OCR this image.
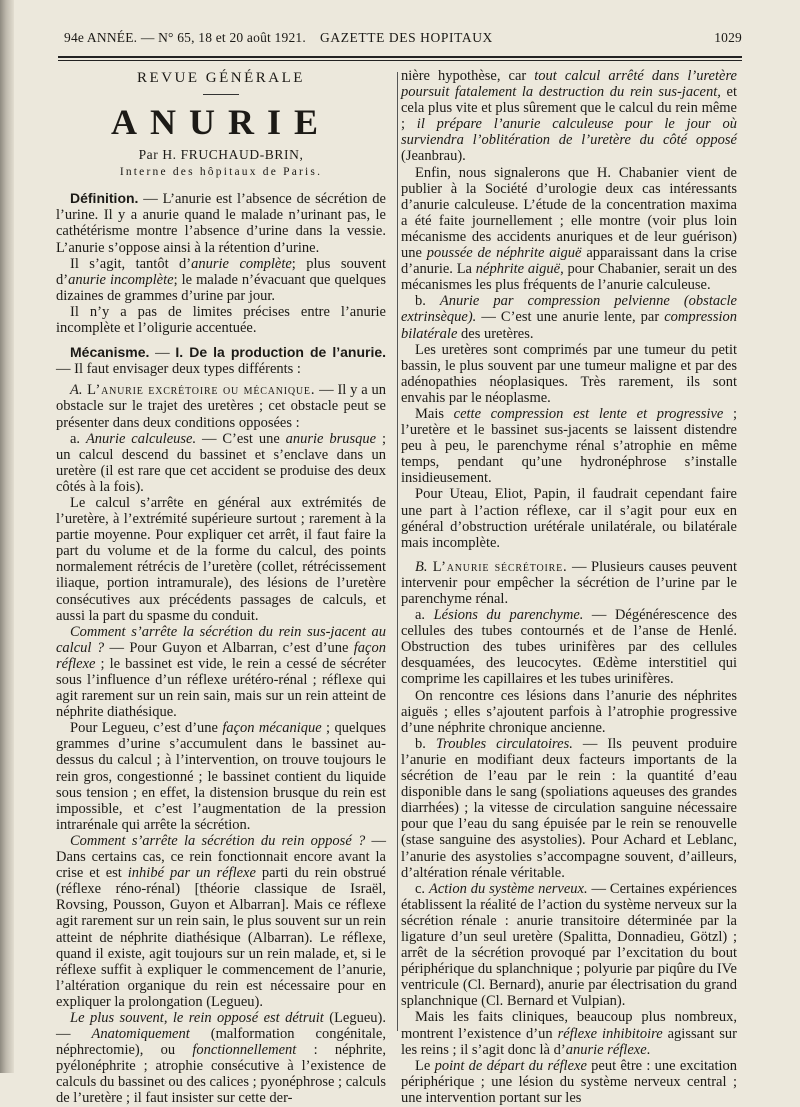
94e ANNÉE. — N° 65, 18 et 20 août 1921. GAZETTE DES HOPITAUX	1029
REVUE GÉNÉRALE
ANURIE
Par H. FRUCHAUD-BRIN,
Interne des hôpitaux de Paris.

Définition. — L’anurie est l’absence de sécrétion de l’urine. Il y a anurie quand le malade n’urinant pas, le cathétérisme montre l’absence d’urine dans la vessie. L’anurie s’oppose ainsi à la rétention d’urine.

Il s’agit, tantôt d’anurie complète; plus souvent d’anurie incomplète; le malade n’évacuant que quelques dizaines de grammes d’urine par jour.

Il n’y a pas de limites précises entre l’anurie incomplète et l’oligurie accentuée.

Mécanisme. — I. De la production de l’anurie. — Il faut envisager deux types différents :

A. L’anurie excrétoire ou mécanique. — Il y a un obstacle sur le trajet des uretères ; cet obstacle peut se présenter dans deux conditions opposées :

a. Anurie calculeuse. — C’est une anurie brusque ; un calcul descend du bassinet et s’enclave dans un uretère (il est rare que cet accident se produise des deux côtés à la fois).

Le calcul s’arrête en général aux extrémités de l’uretère, à l’extrémité supérieure surtout ; rarement à la partie moyenne. Pour expliquer cet arrêt, il faut faire la part du volume et de la forme du calcul, des points normalement rétrécis de l’uretère (collet, rétrécissement iliaque, portion intramurale), des lésions de l’uretère consécutives aux précédents passages de calculs, et aussi la part du spasme du conduit.

Comment s’arrête la sécrétion du rein sus-jacent au calcul ? — Pour Guyon et Albarran, c’est d’une façon réflexe ; le bassinet est vide, le rein a cessé de sécréter sous l’influence d’un réflexe urétéro-rénal ; réflexe qui agit rarement sur un rein sain, mais sur un rein atteint de néphrite diathésique.

Pour Legueu, c’est d’une façon mécanique ; quelques grammes d’urine s’accumulent dans le bassinet au-dessus du calcul ; à l’intervention, on trouve toujours le rein gros, congestionné ; le bassinet contient du liquide sous tension ; en effet, la distension brusque du rein est impossible, et c’est l’augmentation de la pression intrarénale qui arrête la sécrétion.

Comment s’arrête la sécrétion du rein opposé ? — Dans certains cas, ce rein fonctionnait encore avant la crise et est inhibé par un réflexe parti du rein obstrué (réflexe réno-rénal) [théorie classique de Israël, Rovsing, Pousson, Guyon et Albarran]. Mais ce réflexe agit rarement sur un rein sain, le plus souvent sur un rein atteint de néphrite diathésique (Albarran). Le réflexe, quand il existe, agit toujours sur un rein malade, et, si le réflexe suffit à expliquer le commencement de l’anurie, l’altération organique du rein est nécessaire pour en expliquer la prolongation (Legueu).

Le plus souvent, le rein opposé est détruit (Legueu). — Anatomiquement (malformation congénitale, néphrectomie), ou fonctionnellement : néphrite, pyélonéphrite ; atrophie consécutive à l’existence de calculs du bassinet ou des calices ; pyonéphrose ; calculs de l’uretère ; il faut insister sur cette der-

nière hypothèse, car tout calcul arrêté dans l’uretère poursuit fatalement la destruction du rein sus-jacent, et cela plus vite et plus sûrement que le calcul du rein même ; il prépare l’anurie calculeuse pour le jour où surviendra l’oblitération de l’uretère du côté opposé (Jeanbrau).

Enfin, nous signalerons que H. Chabanier vient de publier à la Société d’urologie deux cas intéressants d’anurie calculeuse. L’étude de la concentration maxima a été faite journellement ; elle montre (voir plus loin mécanisme des accidents anuriques et de leur guérison) une poussée de néphrite aiguë apparaissant dans la crise d’anurie. La néphrite aiguë, pour Chabanier, serait un des mécanismes les plus fréquents de l’anurie calculeuse.

b. Anurie par compression pelvienne (obstacle extrinsèque). — C’est une anurie lente, par compression bilatérale des uretères.

Les uretères sont comprimés par une tumeur du petit bassin, le plus souvent par une tumeur maligne et par des adénopathies néoplasiques. Très rarement, ils sont envahis par le néoplasme.

Mais cette compression est lente et progressive ; l’uretère et le bassinet sus-jacents se laissent distendre peu à peu, le parenchyme rénal s’atrophie en même temps, pendant qu’une hydronéphrose s’installe insidieusement.

Pour Uteau, Eliot, Papin, il faudrait cependant faire une part à l’action réflexe, car il s’agit pour eux en général d’obstruction urétérale unilatérale, ou bilatérale mais incomplète.

B. L’anurie sécrétoire. — Plusieurs causes peuvent intervenir pour empêcher la sécrétion de l’urine par le parenchyme rénal.

a. Lésions du parenchyme. — Dégénérescence des cellules des tubes contournés et de l’anse de Henlé. Obstruction des tubes urinifères par des cellules desquamées, des leucocytes. Œdème interstitiel qui comprime les capillaires et les tubes urinifères.

On rencontre ces lésions dans l’anurie des néphrites aiguës ; elles s’ajoutent parfois à l’atrophie progressive d’une néphrite chronique ancienne.

b. Troubles circulatoires. — Ils peuvent produire l’anurie en modifiant deux facteurs importants de la sécrétion de l’eau par le rein : la quantité d’eau disponible dans le sang (spoliations aqueuses des grandes diarrhées) ; la vitesse de circulation sanguine nécessaire pour que l’eau du sang épuisée par le rein se renouvelle (stase sanguine des asystolies). Pour Achard et Leblanc, l’anurie des asystolies s’accompagne souvent, d’ailleurs, d’altération rénale véritable.

c. Action du système nerveux. — Certaines expériences établissent la réalité de l’action du système nerveux sur la sécrétion rénale : anurie transitoire déterminée par la ligature d’un seul uretère (Spalitta, Donnadieu, Götzl) ; arrêt de la sécrétion provoqué par l’excitation du bout périphérique du splanchnique ; polyurie par piqûre du IVe ventricule (Cl. Bernard), anurie par électrisation du grand splanchnique (Cl. Bernard et Vulpian).

Mais les faits cliniques, beaucoup plus nombreux, montrent l’existence d’un réflexe inhibitoire agissant sur les reins ; il s’agit donc là d’anurie réflexe.

Le point de départ du réflexe peut être : une excitation périphérique ; une lésion du système nerveux central ; une intervention portant sur les
